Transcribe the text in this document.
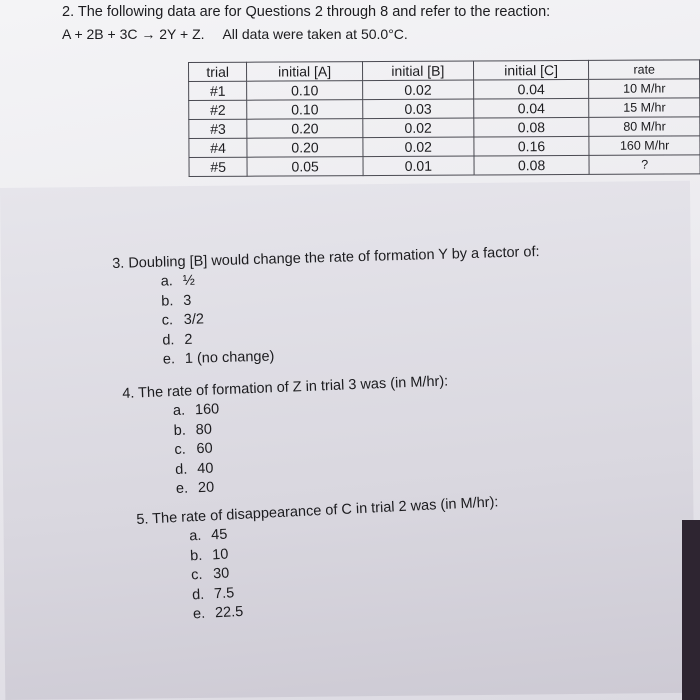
2. The following data are for Questions 2 through 8 and refer to the reaction:
A + 2B + 3C → 2Y + Z. All data were taken at 50.0°C.
trial	initial [A]	initial [B]	initial [C]	rate
#1	0.10	0.02	0.04	10 M/hr
#2	0.10	0.03	0.04	15 M/hr
#3	0.20	0.02	0.08	80 M/hr
#4	0.20	0.02	0.16	160 M/hr
#5	0.05	0.01	0.08	?
3. Doubling [B] would change the rate of formation Y by a factor of:
a. ½
b. 3
c. 3/2
d. 2
e. 1 (no change)
4. The rate of formation of Z in trial 3 was (in M/hr):
a. 160
b. 80
c. 60
d. 40
e. 20
5. The rate of disappearance of C in trial 2 was (in M/hr):
a. 45
b. 10
c. 30
d. 7.5
e. 22.5
